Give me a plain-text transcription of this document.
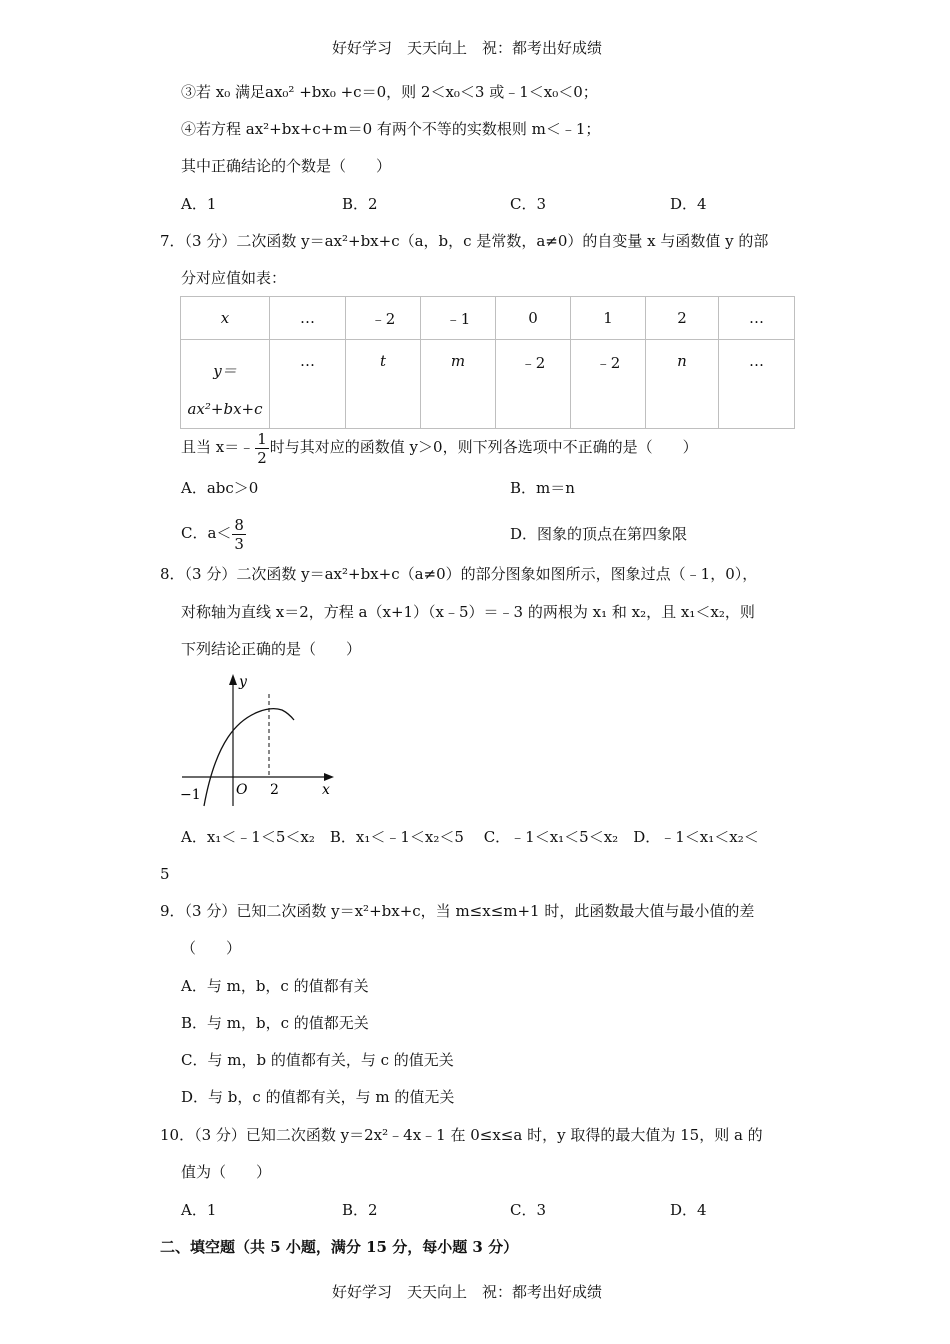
好好学习　天天向上　祝：都考出好成绩
③若 x₀ 满足ax₀² +bx₀ +c＝0，则 2＜x₀＜3 或﹣1＜x₀＜0；
④若方程 ax²+bx+c+m＝0 有两个不等的实数根则 m＜﹣1；
其中正确结论的个数是（　　）
A．1	B．2	C．3	D．4
7．（3 分）二次函数 y＝ax²+bx+c（a，b，c 是常数，a≠0）的自变量 x 与函数值 y 的部
分对应值如表：
x	…	﹣2	﹣1	0	1	2	…
y＝
ax²+bx+c	…	t	m	﹣2	﹣2	n	…
且当 x＝﹣ $\frac{1}{2}$ 时与其对应的函数值 y＞0，则下列各选项中不正确的是（　　）
A．abc＞0	B．m＝n
C．$a< \frac{8}{3}$	D．图象的顶点在第四象限
8．（3 分）二次函数 y＝ax²+bx+c（a≠0）的部分图象如图所示，图象过点（﹣1，0），
对称轴为直线 x＝2，方程 a（x+1）（x﹣5）＝﹣3 的两根为 x₁ 和 x₂，且 x₁＜x₂，则
下列结论正确的是（　　）
y
x
O
−1	2
A．x₁＜﹣1＜5＜x₂　B．x₁＜﹣1＜x₂＜5　 C．﹣1＜x₁＜5＜x₂　D．﹣1＜x₁＜x₂＜
5
9．（3 分）已知二次函数 y＝x²+bx+c，当 m≤x≤m+1 时，此函数最大值与最小值的差
（　　）
A．与 m，b，c 的值都有关
B．与 m，b，c 的值都无关
C．与 m，b 的值都有关，与 c 的值无关
D．与 b，c 的值都有关，与 m 的值无关
10．（3 分）已知二次函数 y＝2x²﹣4x﹣1 在 0≤x≤a 时，y 取得的最大值为 15，则 a 的
值为（　　）
A．1	B．2	C．3	D．4
二、填空题（共 5 小题，满分 15 分，每小题 3 分）
好好学习　天天向上　祝：都考出好成绩
